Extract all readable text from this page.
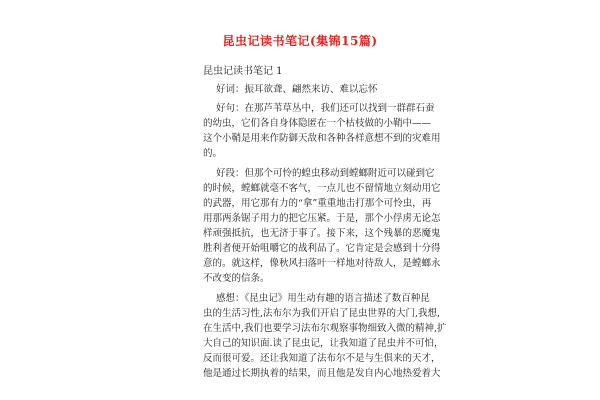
昆虫记读书笔记(集锦15篇)
昆虫记读书笔记 1
好词：振耳欲聋、翩然来访、难以忘怀
好句：在那芦苇草丛中，我们还可以找到一群群石蚕
的幼虫，它们各自身体隐匿在一个枯枝做的小鞘中——
这个小鞘是用来作防御天敌和各种各样意想不到的灾难用
的。
好段：但那个可怜的蝗虫移动到螳螂附近可以碰到它
的时候，螳螂就毫不客气，一点儿也不留情地立刻动用它
的武器，用它那有力的“拿”重重地击打那个可怜虫，再
用那两条锯子用力的把它压紧。于是，那个小俘虏无论怎
样顽强抵抗，也无济于事了。接下来，这个残暴的恶魔鬼
胜利者便开始咀嚼它的战利品了。它肯定是会感到十分得
意的。就这样，像秋风扫落叶一样地对待敌人，是螳螂永
不改变的信条。
感想：《昆虫记》用生动有趣的语言描述了数百种昆
虫的生活习性,法布尔为我们开启了昆虫世界的大门,我想,
在生活中,我们也要学习法布尔观察事物细致入微的精神,扩
大自己的知识面.读了昆虫记，让我知道了昆虫并不可怕，
反而很可爱。还让我知道了法布尔不是与生俱来的天才，
他是通过长期执着的结果，而且他是发自内心地热爱着大
